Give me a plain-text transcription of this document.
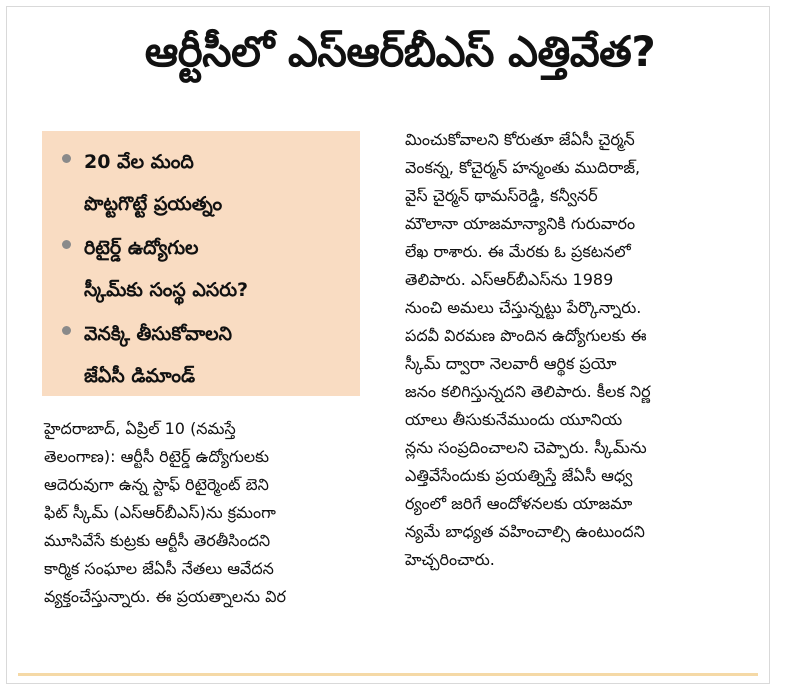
ఆర్టీసీలో ఎస్‌ఆర్‌బీఎస్ ఎత్తివేత?
20 వేల మంది
పొట్టగొట్టే ప్రయత్నం
రిటైర్డ్ ఉద్యోగుల
స్కీమ్‌కు సంస్థ ఎసరు?
వెనక్కి తీసుకోవాలని
జేఏసీ డిమాండ్
హైదరాబాద్, ఏప్రిల్ 10 (నమస్తే
తెలంగాణ): ఆర్టీసీ రిటైర్డ్ ఉద్యోగులకు
ఆదెరువుగా ఉన్న స్టాఫ్ రిటైర్మెంట్ బెని
ఫిట్ స్కీమ్ (ఎస్‌ఆర్‌బీఎస్)ను క్రమంగా
మూసివేసే కుట్రకు ఆర్టీసీ తెరతీసిందని
కార్మిక సంఘాల జేఏసీ నేతలు ఆవేదన
వ్యక్తంచేస్తున్నారు. ఈ ప్రయత్నాలను విర
మించుకోవాలని కోరుతూ జేఏసీ చైర్మన్
వెంకన్న, కోచైర్మన్ హన్మంతు ముదిరాజ్,
వైస్ చైర్మన్ థామస్‌రెడ్డి, కన్వీనర్
మౌలానా యాజమాన్యానికి గురువారం
లేఖ రాశారు. ఈ మేరకు ఓ ప్రకటనలో
తెలిపారు. ఎస్‌ఆర్‌బీఎస్‌ను 1989
నుంచి అమలు చేస్తున్నట్టు పేర్కొన్నారు.
పదవీ విరమణ పొందిన ఉద్యోగులకు ఈ
స్కీమ్ ద్వారా నెలవారీ ఆర్థిక ప్రయో
జనం కలిగిస్తున్నదని తెలిపారు. కీలక నిర్ణ
యాలు తీసుకునేముందు యూనియ
న్లను సంప్రదించాలని చెప్పారు. స్కీమ్‌ను
ఎత్తివేసేందుకు ప్రయత్నిస్తే జేఏసీ ఆధ్వ
ర్యంలో జరిగే ఆందోళనలకు యాజమా
న్యమే బాధ్యత వహించాల్సి ఉంటుందని
హెచ్చరించారు.
